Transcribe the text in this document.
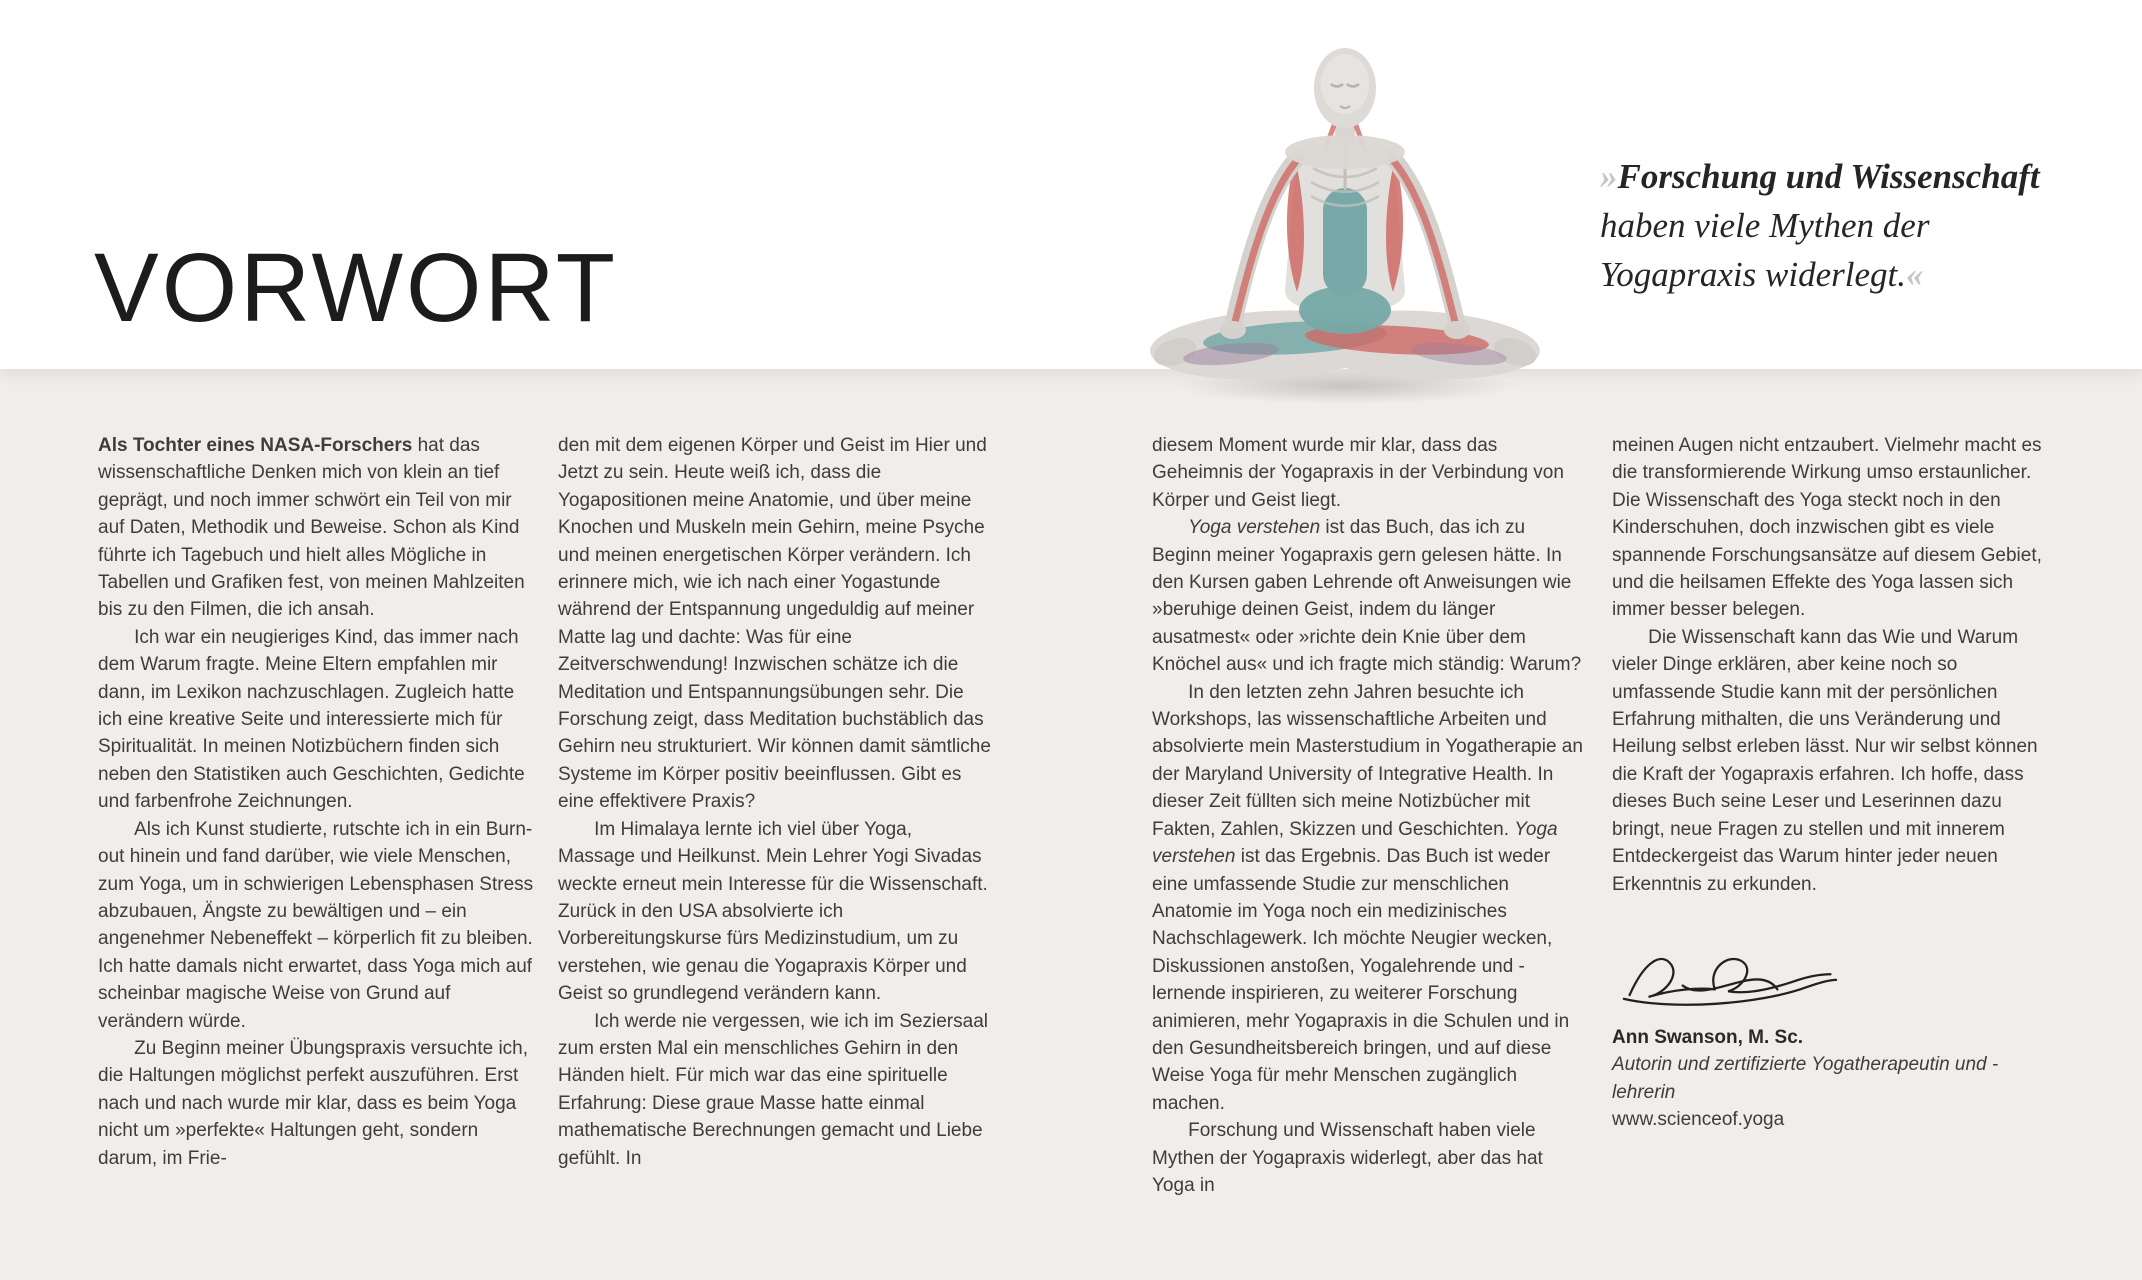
VORWORT
»Forschung und Wissenschaft haben viele Mythen der Yogapraxis widerlegt.«

Als Tochter eines NASA-Forschers hat das wissenschaftliche Denken mich von klein an tief geprägt, und noch immer schwört ein Teil von mir auf Daten, Methodik und Beweise. Schon als Kind führte ich Tagebuch und hielt alles Mögliche in Tabellen und Grafiken fest, von meinen Mahlzeiten bis zu den Filmen, die ich ansah.

Ich war ein neugieriges Kind, das immer nach dem Warum fragte. Meine Eltern empfahlen mir dann, im Lexikon nachzuschlagen. Zugleich hatte ich eine kreative Seite und interessierte mich für Spiritualität. In meinen Notizbüchern finden sich neben den Statistiken auch Geschichten, Gedichte und farbenfrohe Zeichnungen.

Als ich Kunst studierte, rutschte ich in ein Burn-out hinein und fand darüber, wie viele Menschen, zum Yoga, um in schwierigen Lebensphasen Stress abzubauen, Ängste zu bewältigen und – ein angenehmer Nebeneffekt – körperlich fit zu bleiben. Ich hatte damals nicht erwartet, dass Yoga mich auf scheinbar magische Weise von Grund auf verändern würde.

Zu Beginn meiner Übungspraxis versuchte ich, die Haltungen möglichst perfekt auszuführen. Erst nach und nach wurde mir klar, dass es beim Yoga nicht um »perfekte« Haltungen geht, sondern darum, im Frie-

den mit dem eigenen Körper und Geist im Hier und Jetzt zu sein. Heute weiß ich, dass die Yogapositionen meine Anatomie, und über meine Knochen und Muskeln mein Gehirn, meine Psyche und meinen energetischen Körper verändern. Ich erinnere mich, wie ich nach einer Yogastunde während der Entspannung ungeduldig auf meiner Matte lag und dachte: Was für eine Zeitverschwendung! Inzwischen schätze ich die Meditation und Entspannungsübungen sehr. Die Forschung zeigt, dass Meditation buchstäblich das Gehirn neu strukturiert. Wir können damit sämtliche Systeme im Körper positiv beeinflussen. Gibt es eine effektivere Praxis?

Im Himalaya lernte ich viel über Yoga, Massage und Heilkunst. Mein Lehrer Yogi Sivadas weckte erneut mein Interesse für die Wissenschaft. Zurück in den USA absolvierte ich Vorbereitungskurse fürs Medizinstudium, um zu verstehen, wie genau die Yogapraxis Körper und Geist so grundlegend verändern kann.

Ich werde nie vergessen, wie ich im Seziersaal zum ersten Mal ein menschliches Gehirn in den Händen hielt. Für mich war das eine spirituelle Erfahrung: Diese graue Masse hatte einmal mathematische Berechnungen gemacht und Liebe gefühlt. In

diesem Moment wurde mir klar, dass das Geheimnis der Yogapraxis in der Verbindung von Körper und Geist liegt.

Yoga verstehen ist das Buch, das ich zu Beginn meiner Yogapraxis gern gelesen hätte. In den Kursen gaben Lehrende oft Anweisungen wie »beruhige deinen Geist, indem du länger ausatmest« oder »richte dein Knie über dem Knöchel aus« und ich fragte mich ständig: Warum?

In den letzten zehn Jahren besuchte ich Workshops, las wissenschaftliche Arbeiten und absolvierte mein Masterstudium in Yogatherapie an der Maryland University of Integrative Health. In dieser Zeit füllten sich meine Notizbücher mit Fakten, Zahlen, Skizzen und Geschichten. Yoga verstehen ist das Ergebnis. Das Buch ist weder eine umfassende Studie zur menschlichen Anatomie im Yoga noch ein medizinisches Nachschlagewerk. Ich möchte Neugier wecken, Diskussionen anstoßen, Yogalehrende und -lernende inspirieren, zu weiterer Forschung animieren, mehr Yogapraxis in die Schulen und in den Gesundheitsbereich bringen, und auf diese Weise Yoga für mehr Menschen zugänglich machen.

Forschung und Wissenschaft haben viele Mythen der Yogapraxis widerlegt, aber das hat Yoga in

meinen Augen nicht entzaubert. Vielmehr macht es die transformierende Wirkung umso erstaunlicher. Die Wissenschaft des Yoga steckt noch in den Kinderschuhen, doch inzwischen gibt es viele spannende Forschungsansätze auf diesem Gebiet, und die heilsamen Effekte des Yoga lassen sich immer besser belegen.

Die Wissenschaft kann das Wie und Warum vieler Dinge erklären, aber keine noch so umfassende Studie kann mit der persönlichen Erfahrung mithalten, die uns Veränderung und Heilung selbst erleben lässt. Nur wir selbst können die Kraft der Yogapraxis erfahren. Ich hoffe, dass dieses Buch seine Leser und Leserinnen dazu bringt, neue Fragen zu stellen und mit innerem Entdeckergeist das Warum hinter jeder neuen Erkenntnis zu erkunden.

Ann Swanson, M. Sc.
Autorin und zertifizierte Yogatherapeutin und -lehrerin
www.scienceof.yoga
